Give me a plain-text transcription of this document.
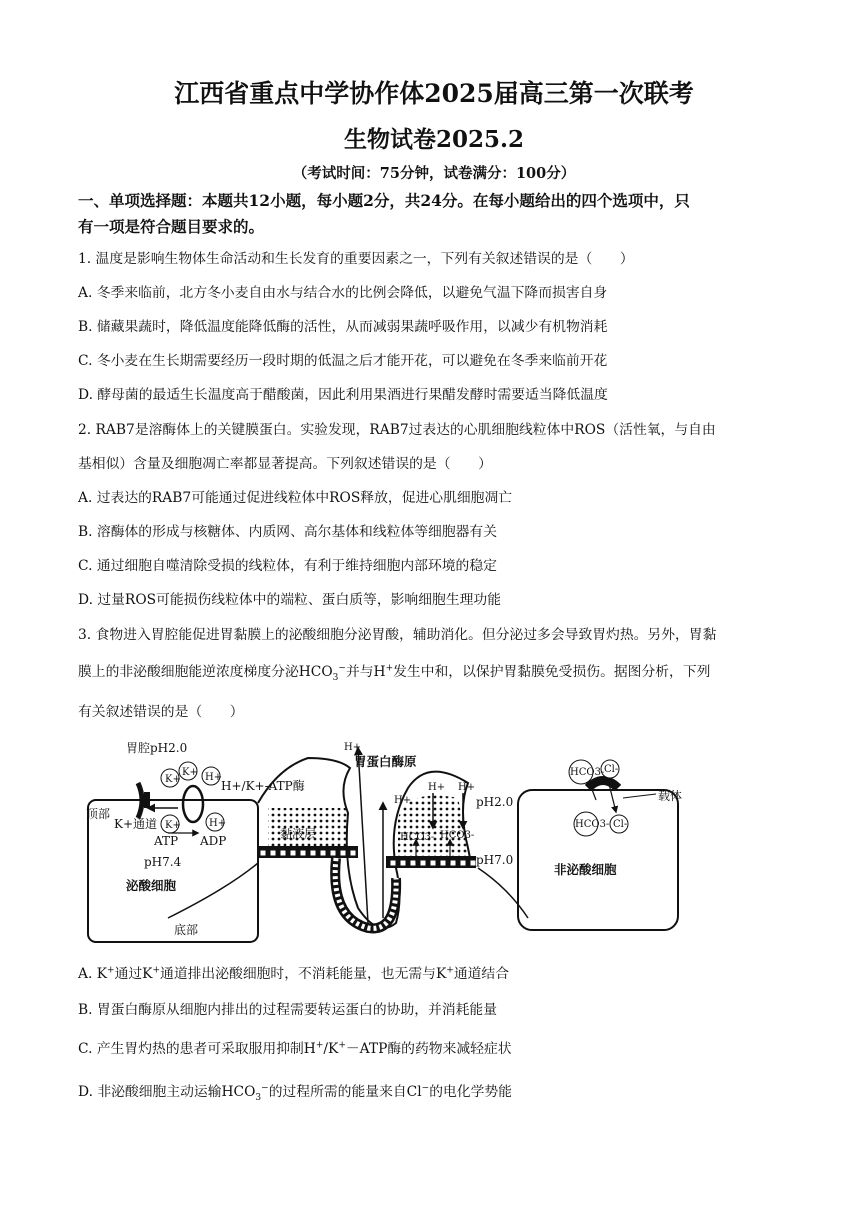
江西省重点中学协作体2025届高三第一次联考
生物试卷2025.2
（考试时间：75分钟，试卷满分：100分）
一、单项选择题：本题共12小题，每小题2分，共24分。在每小题给出的四个选项中，只
有一项是符合题目要求的。
1. 温度是影响生物体生命活动和生长发育的重要因素之一，下列有关叙述错误的是（　　）
A. 冬季来临前，北方冬小麦自由水与结合水的比例会降低，以避免气温下降而损害自身
B. 储藏果蔬时，降低温度能降低酶的活性，从而减弱果蔬呼吸作用，以减少有机物消耗
C. 冬小麦在生长期需要经历一段时期的低温之后才能开花，可以避免在冬季来临前开花
D. 酵母菌的最适生长温度高于醋酸菌，因此利用果酒进行果醋发酵时需要适当降低温度
2. RAB7是溶酶体上的关键膜蛋白。实验发现，RAB7过表达的心肌细胞线粒体中ROS（活性氧，与自由
基相似）含量及细胞凋亡率都显著提高。下列叙述错误的是（　　）
A. 过表达的RAB7可能通过促进线粒体中ROS释放，促进心肌细胞凋亡
B. 溶酶体的形成与核糖体、内质网、高尔基体和线粒体等细胞器有关
C. 通过细胞自噬清除受损的线粒体，有利于维持细胞内部环境的稳定
D. 过量ROS可能损伤线粒体中的端粒、蛋白质等，影响细胞生理功能
3. 食物进入胃腔能促进胃黏膜上的泌酸细胞分泌胃酸，辅助消化。但分泌过多会导致胃灼热。另外，胃黏
膜上的非泌酸细胞能逆浓度梯度分泌$HCO_3^-$并与H+发生中和，以保护胃黏膜免受损伤。据图分析，下列
有关叙述错误的是（　　）
胃腔pH2.0
K+
K+ H+
K+	H+
H+/K+-ATP酶
顶部
K+通道
ATP ADP
pH7.4
泌酸细胞
底部
H+
胃蛋白酶原
H+
H+ H+
黏液层	HCO3- HCO3-
pH2.0
pH7.0
HCO3- Cl-
HCO3- Cl-
载体
非泌酸细胞
A. K+通过K+通道排出泌酸细胞时，不消耗能量，也无需与K+通道结合
B. 胃蛋白酶原从细胞内排出的过程需要转运蛋白的协助，并消耗能量
C. 产生胃灼热的患者可采取服用抑制H+/K+－ATP酶的药物来减轻症状
D. 非泌酸细胞主动运输$HCO_3^-$的过程所需的能量来自Cl−的电化学势能
